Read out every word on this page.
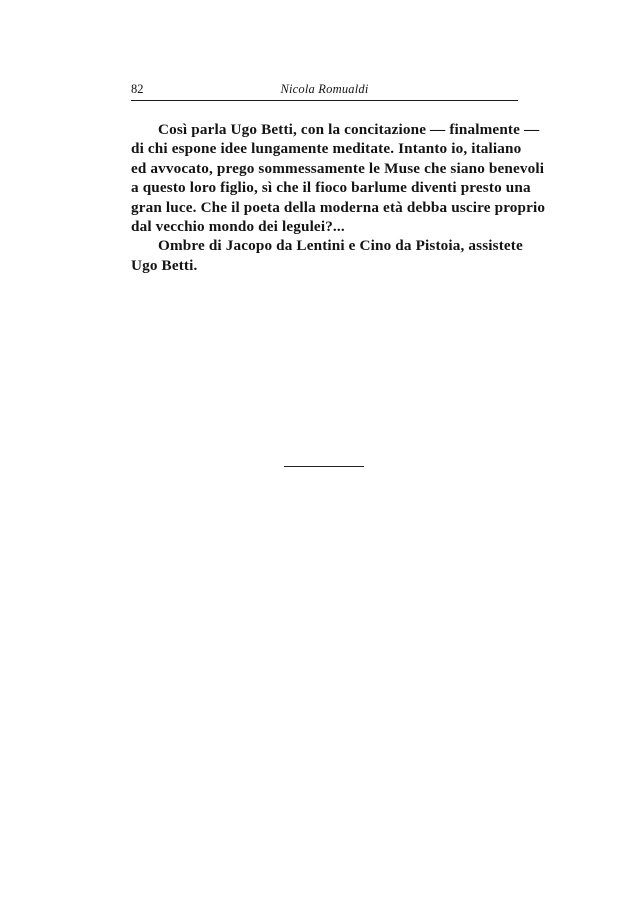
82	Nicola Romualdi
Così parla Ugo Betti, con la concitazione — finalmente —
di chi espone idee lungamente meditate. Intanto io, italiano
ed avvocato, prego sommessamente le Muse che siano benevoli
a questo loro figlio, sì che il fioco barlume diventi presto una
gran luce. Che il poeta della moderna età debba uscire proprio
dal vecchio mondo dei legulei?...
Ombre di Jacopo da Lentini e Cino da Pistoia, assistete
Ugo Betti.
